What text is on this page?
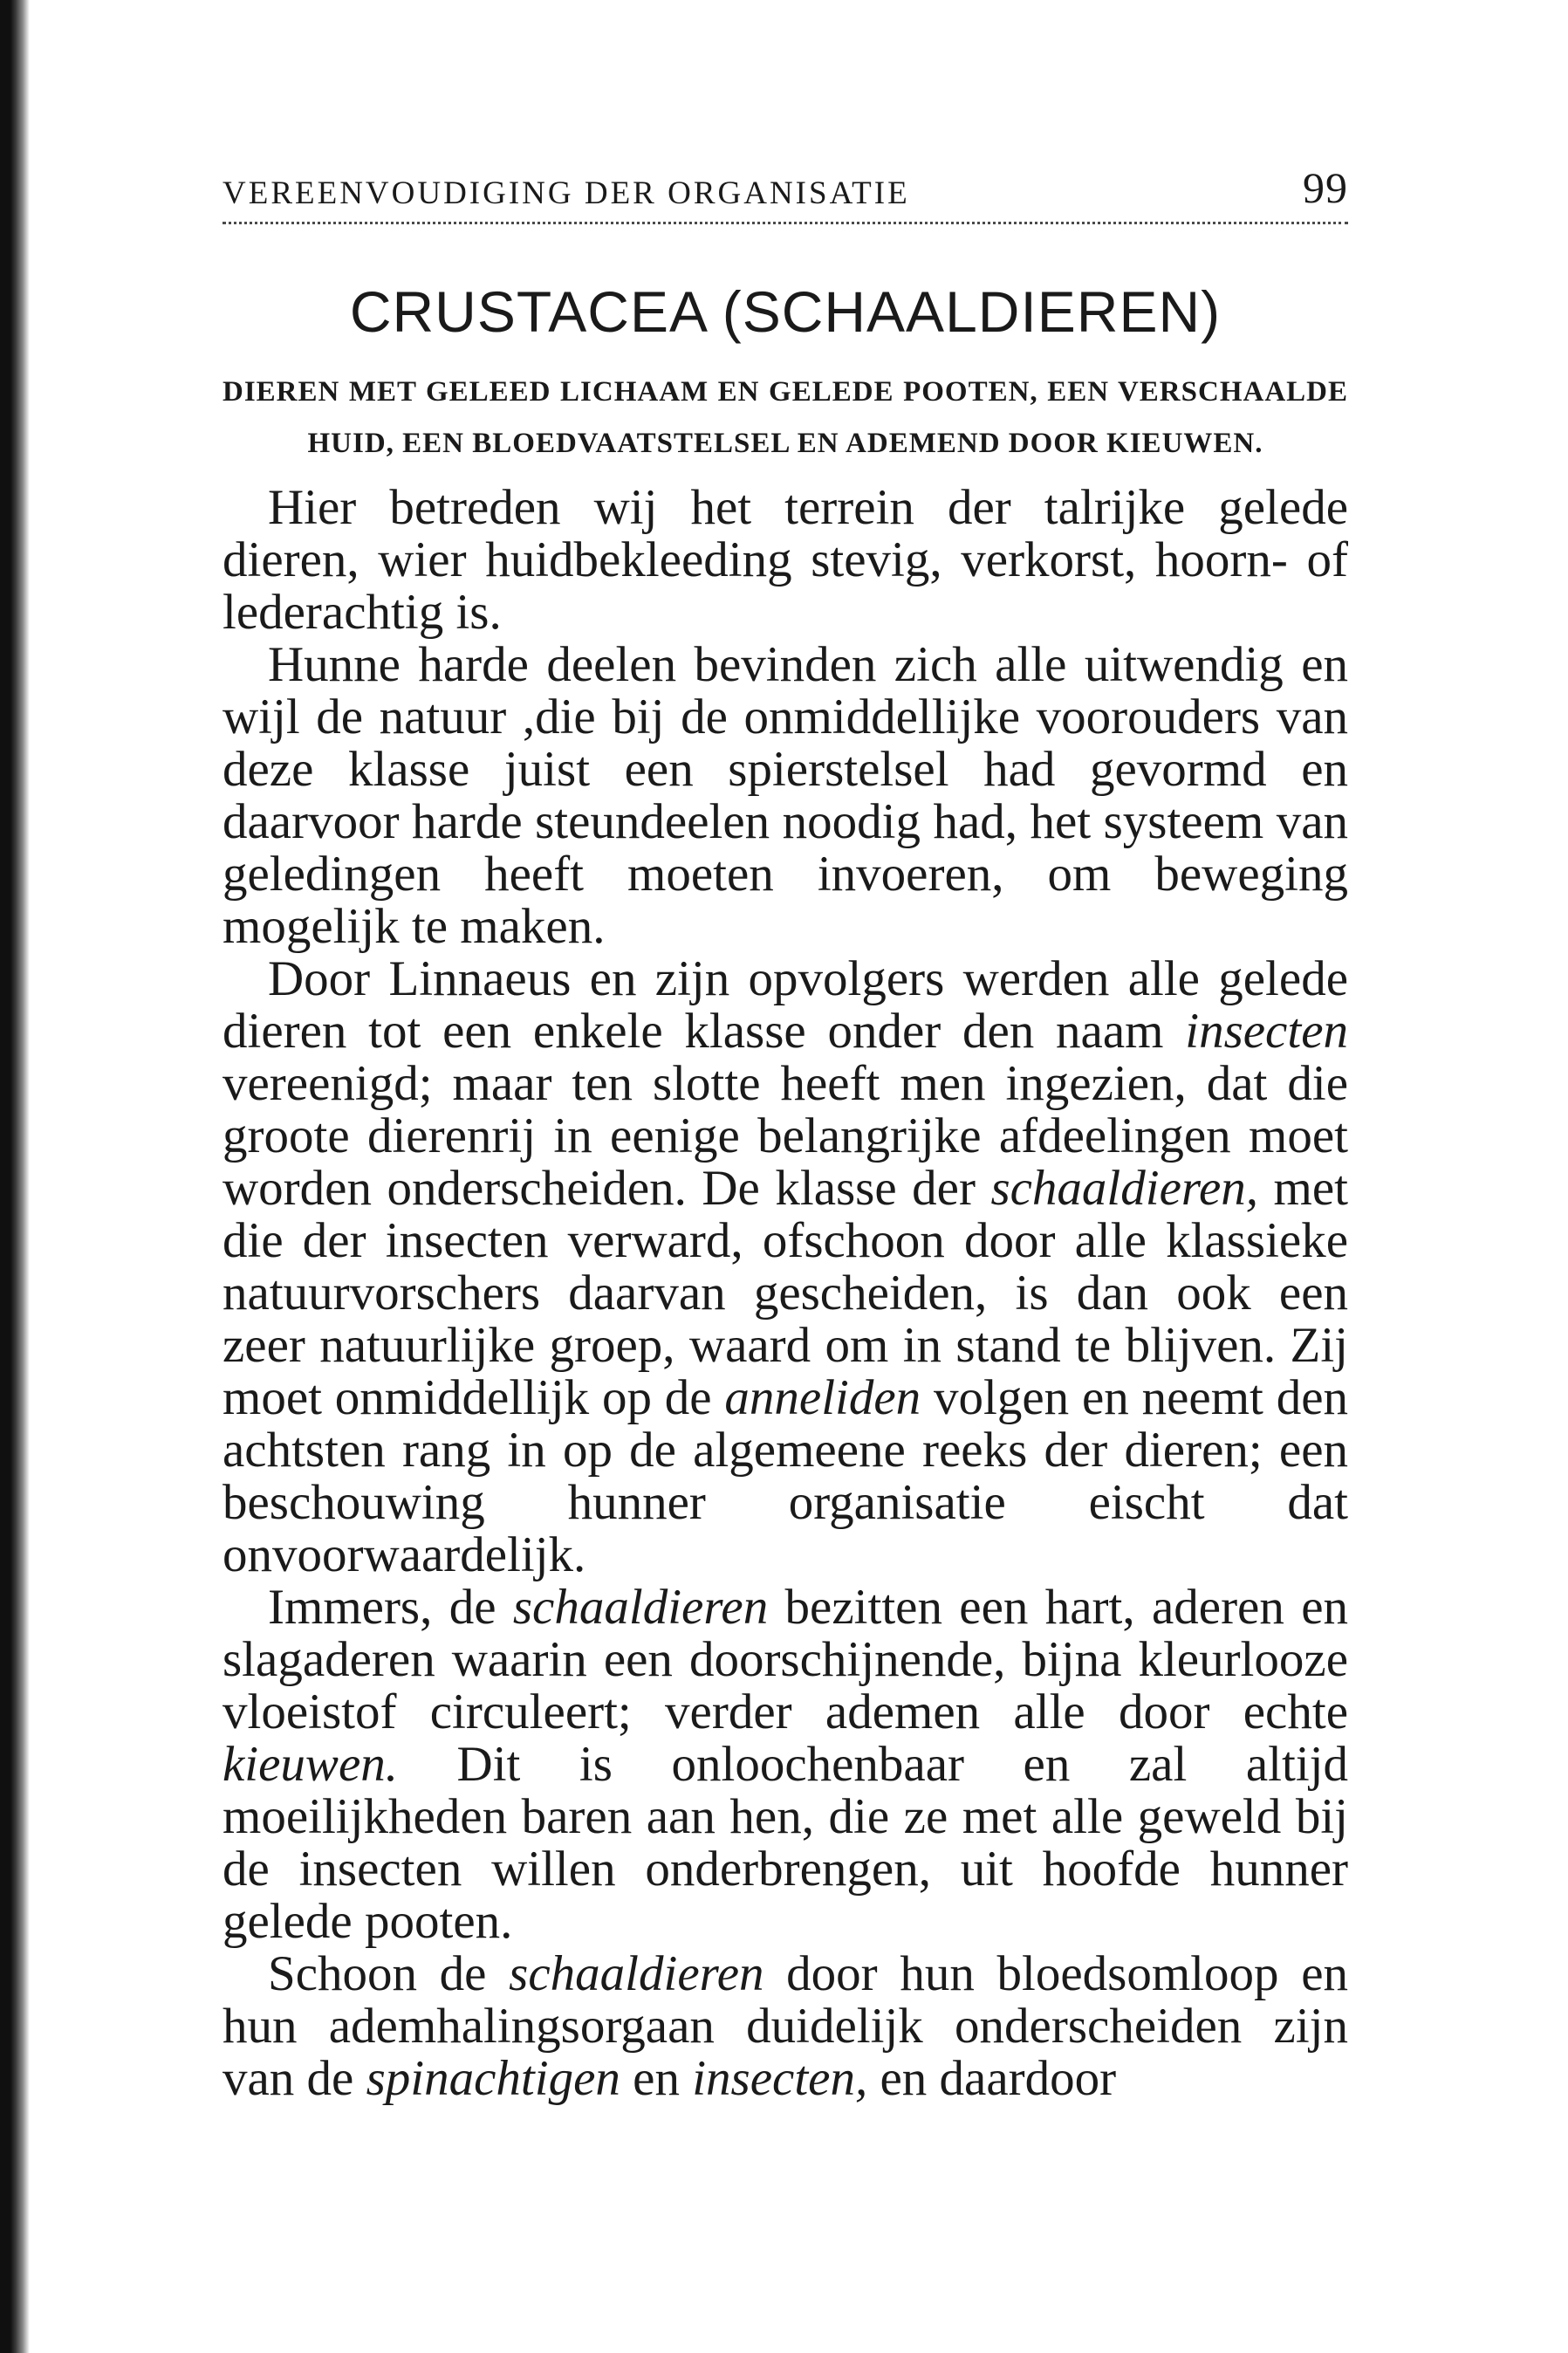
VEREENVOUDIGING DER ORGANISATIE	99
CRUSTACEA (SCHAALDIEREN)
DIEREN MET GELEED LICHAAM EN GELEDE POOTEN, EEN VERSCHAALDE HUID, EEN BLOEDVAATSTELSEL EN ADEMEND DOOR KIEUWEN.

Hier betreden wij het terrein der talrijke gelede dieren, wier huidbekleeding stevig, verkorst, hoorn- of lederachtig is.

Hunne harde deelen bevinden zich alle uitwendig en wijl de natuur ,die bij de onmiddellijke voorouders van deze klasse juist een spierstelsel had gevormd en daarvoor harde steundeelen noodig had, het systeem van geledingen heeft moeten invoeren, om beweging mogelijk te maken.

Door Linnaeus en zijn opvolgers werden alle gelede dieren tot een enkele klasse onder den naam insecten vereenigd; maar ten slotte heeft men ingezien, dat die groote dierenrij in eenige belangrijke afdeelingen moet worden onderscheiden. De klasse der schaaldieren, met die der insecten verward, ofschoon door alle klassieke natuurvorschers daarvan gescheiden, is dan ook een zeer natuurlijke groep, waard om in stand te blijven. Zij moet onmiddellijk op de anneliden volgen en neemt den achtsten rang in op de algemeene reeks der dieren; een beschouwing hunner organisatie eischt dat onvoorwaardelijk.

Immers, de schaaldieren bezitten een hart, aderen en slagaderen waarin een doorschijnende, bijna kleurlooze vloeistof circuleert; verder ademen alle door echte kieuwen. Dit is onloochenbaar en zal altijd moeilijkheden baren aan hen, die ze met alle geweld bij de insecten willen onderbrengen, uit hoofde hunner gelede pooten.

Schoon de schaaldieren door hun bloedsomloop en hun ademhalingsorgaan duidelijk onderscheiden zijn van de spinachtigen en insecten, en daardoor
